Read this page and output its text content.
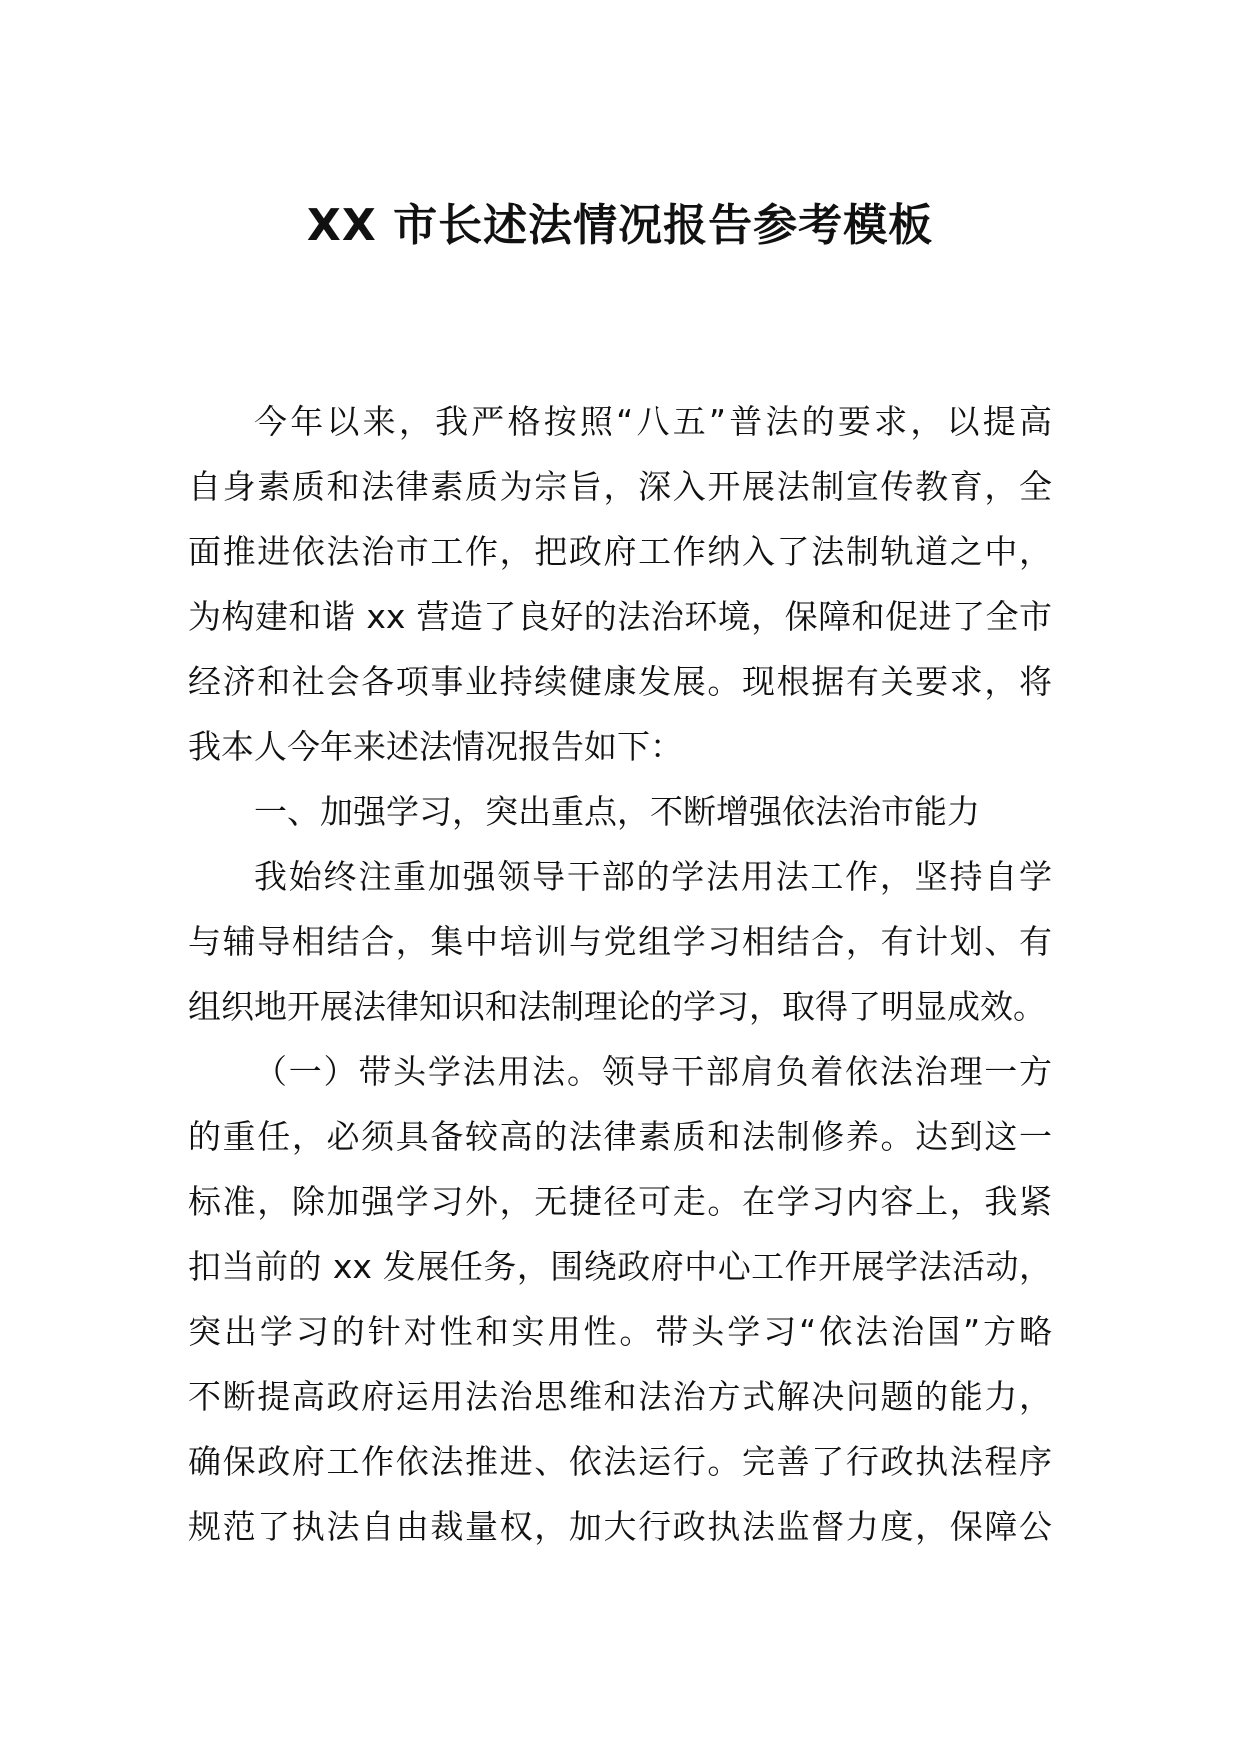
XX 市长述法情况报告参考模板
今年以来，我严格按照“八五”普法的要求，以提高
自身素质和法律素质为宗旨，深入开展法制宣传教育，全
面推进依法治市工作，把政府工作纳入了法制轨道之中，
为构建和谐 xx 营造了良好的法治环境，保障和促进了全市
经济和社会各项事业持续健康发展。现根据有关要求，将
我本人今年来述法情况报告如下：
一、加强学习，突出重点，不断增强依法治市能力
我始终注重加强领导干部的学法用法工作，坚持自学
与辅导相结合，集中培训与党组学习相结合，有计划、有
组织地开展法律知识和法制理论的学习，取得了明显成效。
（一）带头学法用法。领导干部肩负着依法治理一方
的重任，必须具备较高的法律素质和法制修养。达到这一
标准，除加强学习外，无捷径可走。在学习内容上，我紧
扣当前的 xx 发展任务，围绕政府中心工作开展学法活动，
突出学习的针对性和实用性。带头学习“依法治国”方略
不断提高政府运用法治思维和法治方式解决问题的能力，
确保政府工作依法推进、依法运行。完善了行政执法程序
规范了执法自由裁量权，加大行政执法监督力度，保障公
